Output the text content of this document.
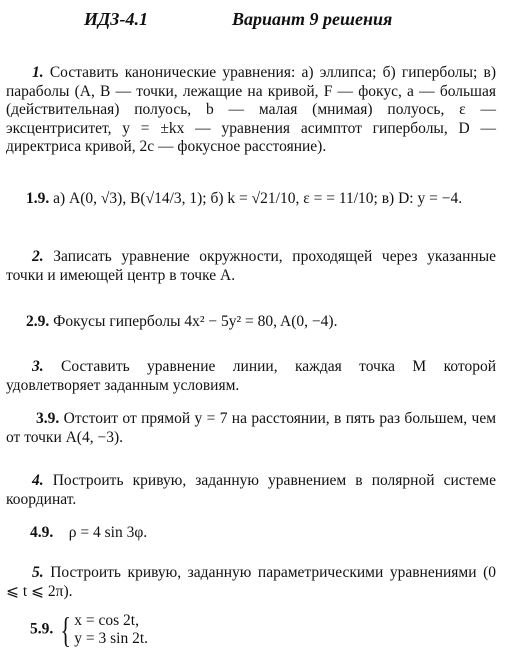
ИДЗ-4.1	Вариант 9 решения

1. Составить канонические уравнения: а) эллипса; б) гиперболы; в) параболы (A, B — точки, лежащие на кривой, F — фокус, a — большая (действительная) полуось, b — малая (мнимая) полуось, ε — эксцентриситет, y = ±kx — уравнения асимптот гиперболы, D — директриса кривой, 2c — фокусное расстояние).

1.9. а) A(0, √3), B(√14/3, 1); б) k = √21/10, ε = = 11/10; в) D: y = −4.

2. Записать уравнение окружности, проходящей через указанные точки и имеющей центр в точке A.

2.9. Фокусы гиперболы 4x² − 5y² = 80, A(0, −4).

3. Составить уравнение линии, каждая точка M которой удовлетворяет заданным условиям.

3.9. Отстоит от прямой y = 7 на расстоянии, в пять раз большем, чем от точки A(4, −3).

4. Построить кривую, заданную уравнением в полярной системе координат.

4.9. ρ = 4 sin 3φ.

5. Построить кривую, заданную параметрическими уравнениями (0 ⩽ t ⩽ 2π).

5.9. { x = cos 2t,
y = 3 sin 2t.
